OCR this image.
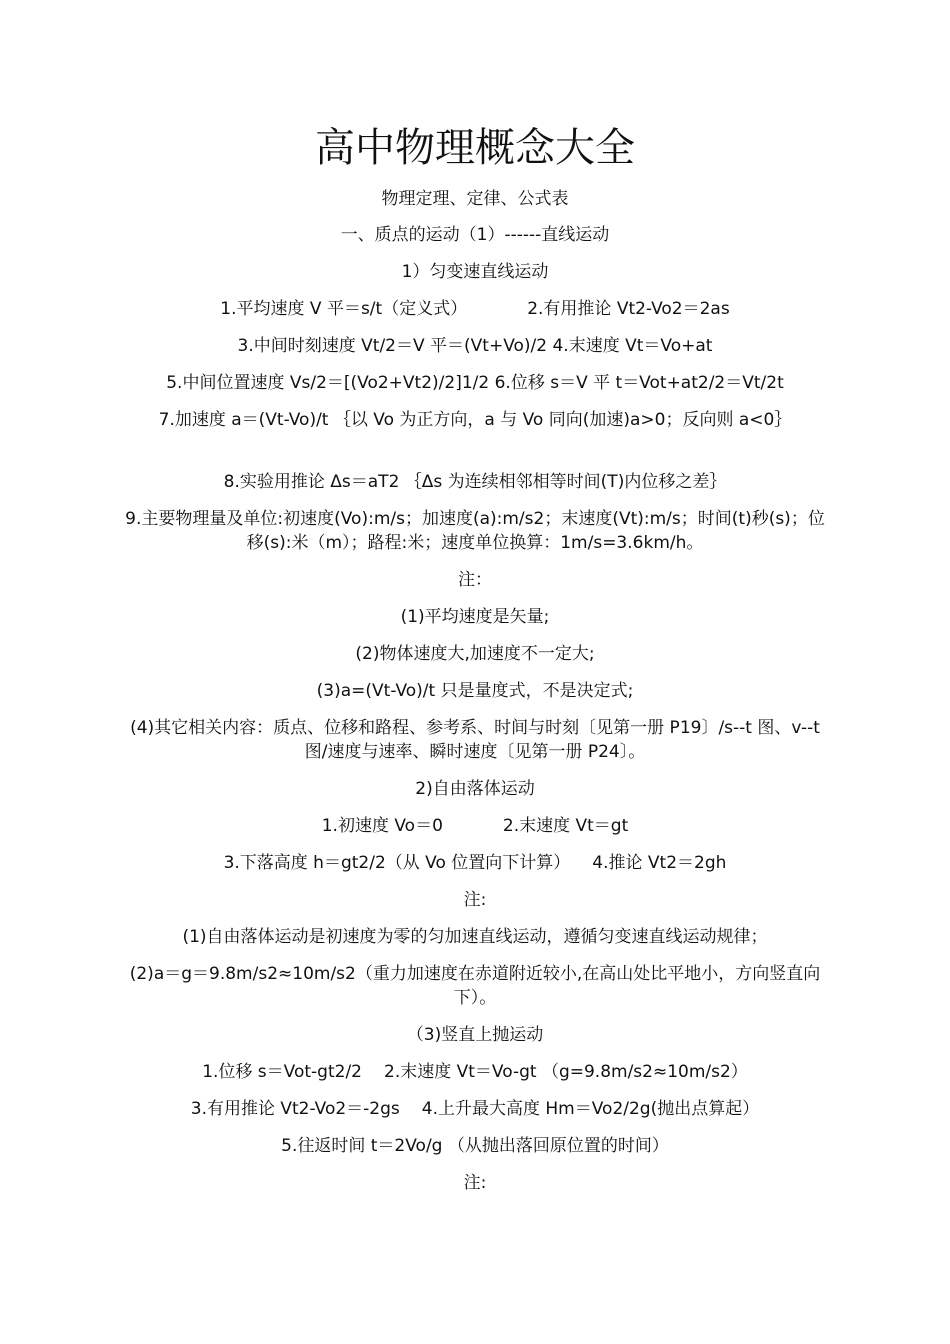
高中物理概念大全

物理定理、定律、公式表

一、质点的运动（1）------直线运动

1）匀变速直线运动

1.平均速度 V 平＝s/t（定义式）	2.有用推论 Vt2-Vo2＝2as

3.中间时刻速度 Vt/2＝V 平＝(Vt+Vo)/2 4.末速度 Vt＝Vo+at

5.中间位置速度 Vs/2＝[(Vo2+Vt2)/2]1/2 6.位移 s＝V 平 t＝Vot+at2/2＝Vt/2t

7.加速度 a＝(Vt-Vo)/t ｛以 Vo 为正方向，a 与 Vo 同向(加速)a>0；反向则 a<0｝

8.实验用推论 Δs＝aT2 ｛Δs 为连续相邻相等时间(T)内位移之差｝

9.主要物理量及单位:初速度(Vo):m/s；加速度(a):m/s2；末速度(Vt):m/s；时间(t)秒(s)；位移(s):米（m）；路程:米；速度单位换算：1m/s=3.6km/h。

注：

(1)平均速度是矢量;

(2)物体速度大,加速度不一定大;

(3)a=(Vt-Vo)/t 只是量度式，不是决定式;

(4)其它相关内容：质点、位移和路程、参考系、时间与时刻〔见第一册 P19〕/s--t 图、v--t 图/速度与速率、瞬时速度〔见第一册 P24〕。

2)自由落体运动

1.初速度 Vo＝0	2.末速度 Vt＝gt

3.下落高度 h＝gt2/2（从 Vo 位置向下计算） 4.推论 Vt2＝2gh

注:

(1)自由落体运动是初速度为零的匀加速直线运动，遵循匀变速直线运动规律；

(2)a＝g＝9.8m/s2≈10m/s2（重力加速度在赤道附近较小,在高山处比平地小，方向竖直向下）。

（3)竖直上抛运动

1.位移 s＝Vot-gt2/2 2.末速度 Vt＝Vo-gt （g=9.8m/s2≈10m/s2）

3.有用推论 Vt2-Vo2＝-2gs 4.上升最大高度 Hm＝Vo2/2g(抛出点算起）

5.往返时间 t＝2Vo/g （从抛出落回原位置的时间）

注:
